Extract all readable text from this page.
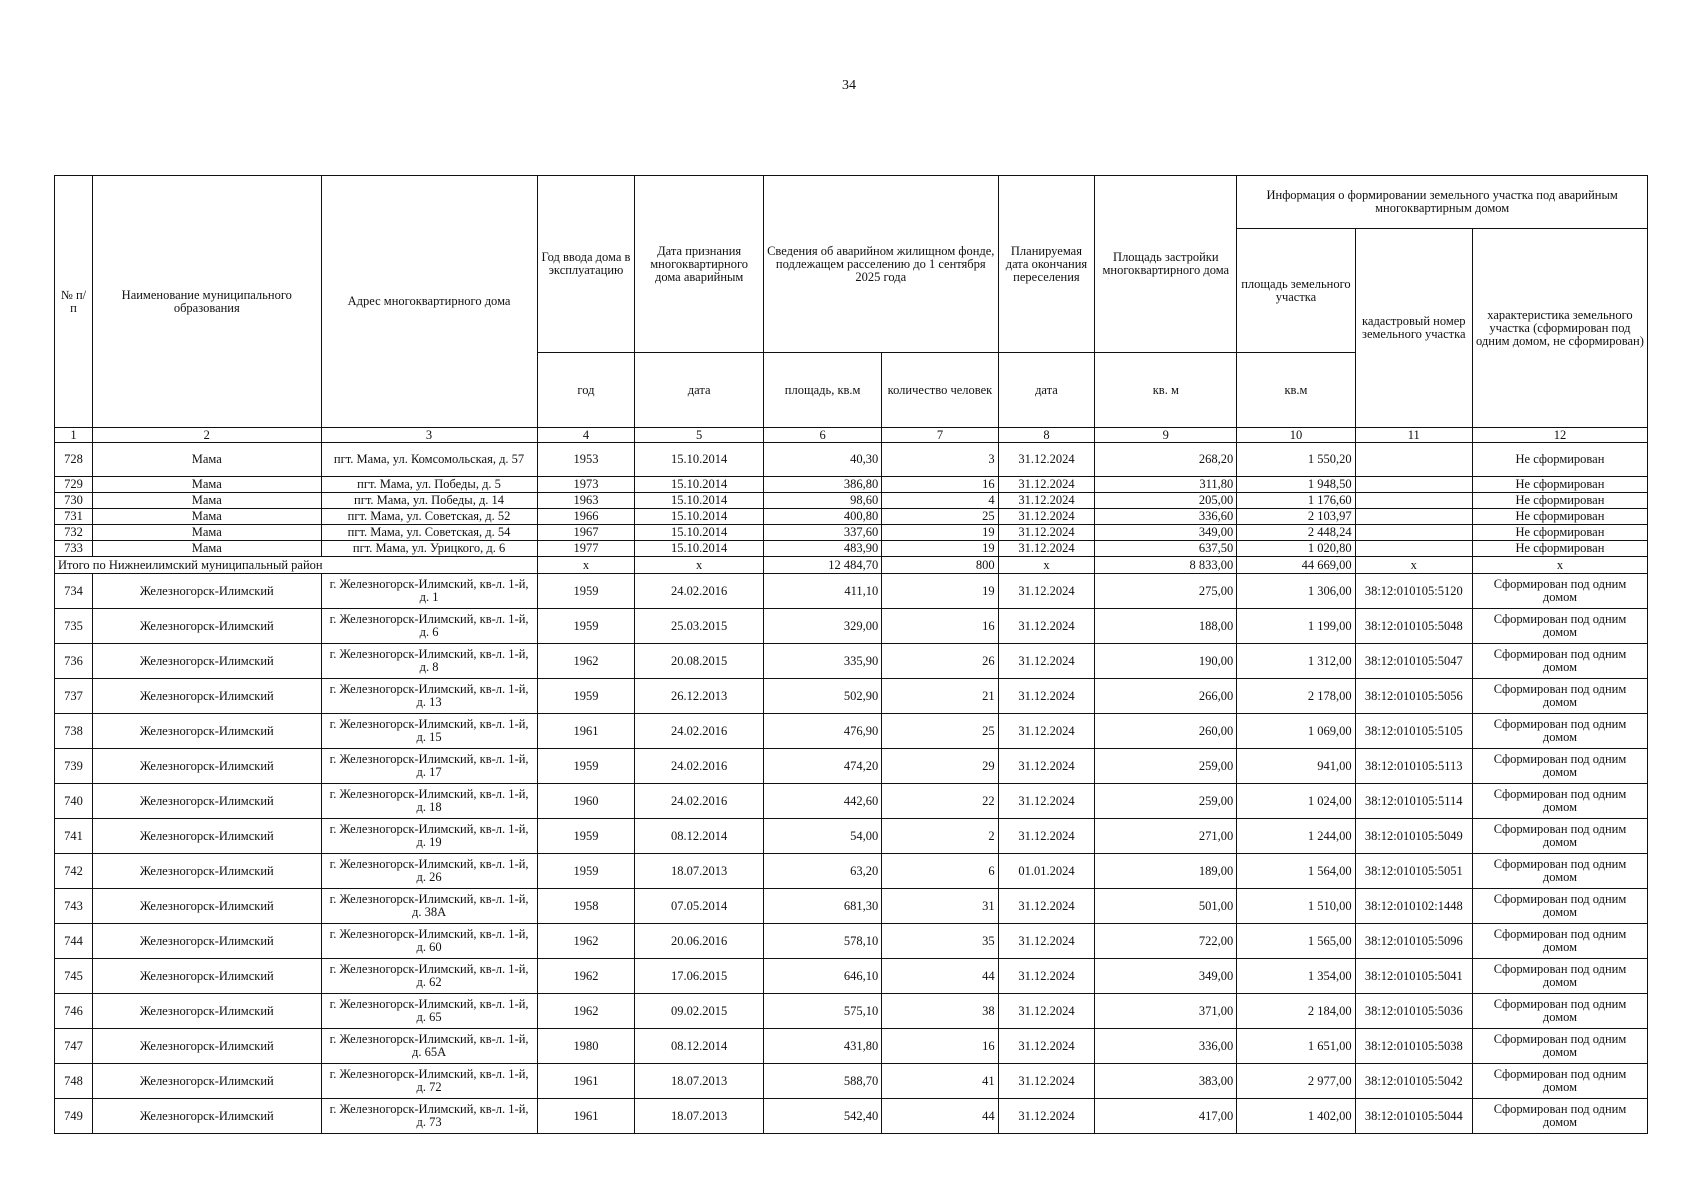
34
№ п/п	Наименование муниципального образования	Адрес многоквартирного дома	Год ввода дома в эксплуатацию	Дата признания многоквартирного дома аварийным	Сведения об аварийном жилищном фонде, подлежащем расселению до 1 сентября 2025 года		Планируемая дата окончания переселения	Площадь застройки многоквартирного дома	Информация о формировании земельного участка под аварийным многоквартирным домом		
									площадь земельного участка	кадастровый номер земельного участка	характеристика земельного участка (сформирован под одним домом, не сформирован)
			год	дата	площадь, кв.м	количество человек	дата	кв. м	кв.м		
1	2	3	4	5	6	7	8	9	10	11	12
728	Мама	пгт. Мама, ул. Комсомольская, д. 57	1953	15.10.2014	40,30	3	31.12.2024	268,20	1 550,20		Не сформирован
729	Мама	пгт. Мама, ул. Победы, д. 5	1973	15.10.2014	386,80	16	31.12.2024	311,80	1 948,50		Не сформирован
730	Мама	пгт. Мама, ул. Победы, д. 14	1963	15.10.2014	98,60	4	31.12.2024	205,00	1 176,60		Не сформирован
731	Мама	пгт. Мама, ул. Советская, д. 52	1966	15.10.2014	400,80	25	31.12.2024	336,60	2 103,97		Не сформирован
732	Мама	пгт. Мама, ул. Советская, д. 54	1967	15.10.2014	337,60	19	31.12.2024	349,00	2 448,24		Не сформирован
733	Мама	пгт. Мама, ул. Урицкого, д. 6	1977	15.10.2014	483,90	19	31.12.2024	637,50	1 020,80		Не сформирован
Итого по Нижнеилимский муниципальный район			x	x	12 484,70	800	x	8 833,00	44 669,00	x	x
734	Железногорск-Илимский	г. Железногорск-Илимский, кв-л. 1-й, д. 1	1959	24.02.2016	411,10	19	31.12.2024	275,00	1 306,00	38:12:010105:5120	Сформирован под одним домом
735	Железногорск-Илимский	г. Железногорск-Илимский, кв-л. 1-й, д. 6	1959	25.03.2015	329,00	16	31.12.2024	188,00	1 199,00	38:12:010105:5048	Сформирован под одним домом
736	Железногорск-Илимский	г. Железногорск-Илимский, кв-л. 1-й, д. 8	1962	20.08.2015	335,90	26	31.12.2024	190,00	1 312,00	38:12:010105:5047	Сформирован под одним домом
737	Железногорск-Илимский	г. Железногорск-Илимский, кв-л. 1-й, д. 13	1959	26.12.2013	502,90	21	31.12.2024	266,00	2 178,00	38:12:010105:5056	Сформирован под одним домом
738	Железногорск-Илимский	г. Железногорск-Илимский, кв-л. 1-й, д. 15	1961	24.02.2016	476,90	25	31.12.2024	260,00	1 069,00	38:12:010105:5105	Сформирован под одним домом
739	Железногорск-Илимский	г. Железногорск-Илимский, кв-л. 1-й, д. 17	1959	24.02.2016	474,20	29	31.12.2024	259,00	941,00	38:12:010105:5113	Сформирован под одним домом
740	Железногорск-Илимский	г. Железногорск-Илимский, кв-л. 1-й, д. 18	1960	24.02.2016	442,60	22	31.12.2024	259,00	1 024,00	38:12:010105:5114	Сформирован под одним домом
741	Железногорск-Илимский	г. Железногорск-Илимский, кв-л. 1-й, д. 19	1959	08.12.2014	54,00	2	31.12.2024	271,00	1 244,00	38:12:010105:5049	Сформирован под одним домом
742	Железногорск-Илимский	г. Железногорск-Илимский, кв-л. 1-й, д. 26	1959	18.07.2013	63,20	6	01.01.2024	189,00	1 564,00	38:12:010105:5051	Сформирован под одним домом
743	Железногорск-Илимский	г. Железногорск-Илимский, кв-л. 1-й, д. 38А	1958	07.05.2014	681,30	31	31.12.2024	501,00	1 510,00	38:12:010102:1448	Сформирован под одним домом
744	Железногорск-Илимский	г. Железногорск-Илимский, кв-л. 1-й, д. 60	1962	20.06.2016	578,10	35	31.12.2024	722,00	1 565,00	38:12:010105:5096	Сформирован под одним домом
745	Железногорск-Илимский	г. Железногорск-Илимский, кв-л. 1-й, д. 62	1962	17.06.2015	646,10	44	31.12.2024	349,00	1 354,00	38:12:010105:5041	Сформирован под одним домом
746	Железногорск-Илимский	г. Железногорск-Илимский, кв-л. 1-й, д. 65	1962	09.02.2015	575,10	38	31.12.2024	371,00	2 184,00	38:12:010105:5036	Сформирован под одним домом
747	Железногорск-Илимский	г. Железногорск-Илимский, кв-л. 1-й, д. 65А	1980	08.12.2014	431,80	16	31.12.2024	336,00	1 651,00	38:12:010105:5038	Сформирован под одним домом
748	Железногорск-Илимский	г. Железногорск-Илимский, кв-л. 1-й, д. 72	1961	18.07.2013	588,70	41	31.12.2024	383,00	2 977,00	38:12:010105:5042	Сформирован под одним домом
749	Железногорск-Илимский	г. Железногорск-Илимский, кв-л. 1-й, д. 73	1961	18.07.2013	542,40	44	31.12.2024	417,00	1 402,00	38:12:010105:5044	Сформирован под одним домом
